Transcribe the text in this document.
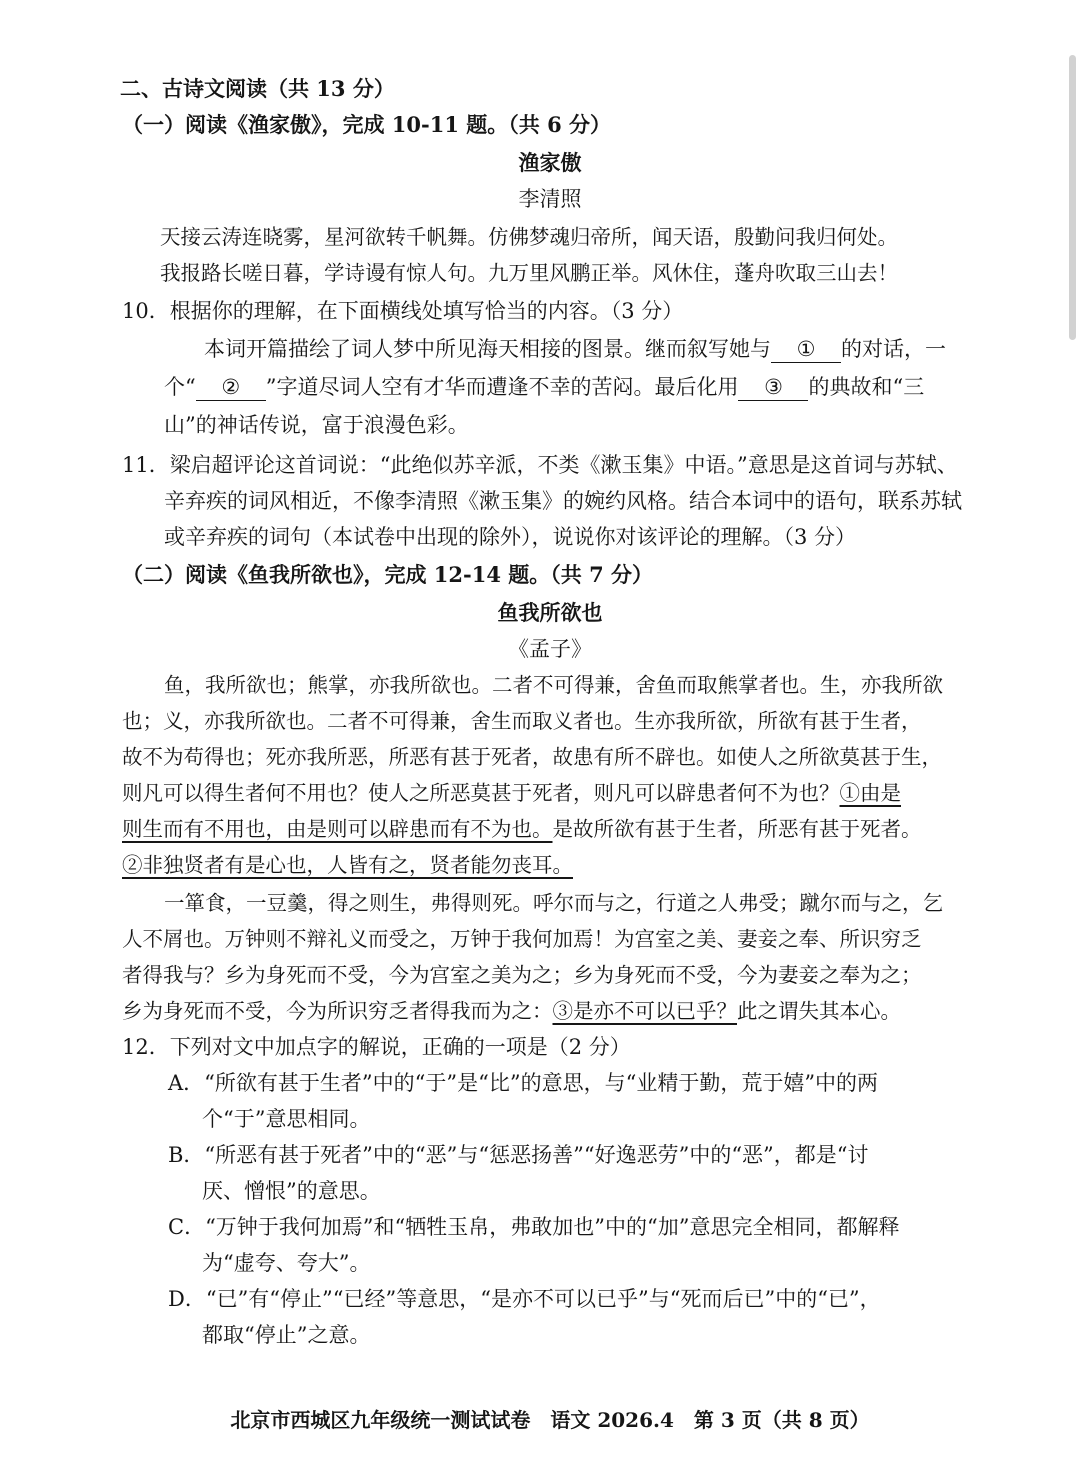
二、古诗文阅读（共 13 分）
（一）阅读《渔家傲》，完成 10-11 题。（共 6 分）
渔家傲
李清照
天接云涛连晓雾，星河欲转千帆舞。仿佛梦魂归帝所，闻天语，殷勤问我归何处。
我报路长嗟日暮，学诗谩有惊人句。九万里风鹏正举。风休住，蓬舟吹取三山去！
10．根据你的理解，在下面横线处填写恰当的内容。（3 分）
本词开篇描绘了词人梦中所见海天相接的图景。继而叙写她与 ① 的对话，一
个“ ② ”字道尽词人空有才华而遭逢不幸的苦闷。最后化用 ③ 的典故和“三
山”的神话传说，富于浪漫色彩。
11．梁启超评论这首词说：“此绝似苏辛派，不类《漱玉集》中语。”意思是这首词与苏轼、
辛弃疾的词风相近，不像李清照《漱玉集》的婉约风格。结合本词中的语句，联系苏轼
或辛弃疾的词句（本试卷中出现的除外），说说你对该评论的理解。（3 分）
（二）阅读《鱼我所欲也》，完成 12-14 题。（共 7 分）
鱼我所欲也
《孟子》
鱼，我所欲也；熊掌，亦我所欲也。二者不可得兼，舍鱼而取熊掌者也。生，亦我所欲
也；义，亦我所欲也。二者不可得兼，舍生而取义者也。生亦我所欲，所欲有甚于生者，
故不为苟得也；死亦我所恶，所恶有甚于死者，故患有所不辟也。如使人之所欲莫甚于生，
则凡可以得生者何不用也？使人之所恶莫甚于死者，则凡可以辟患者何不为也？①由是
则生而有不用也，由是则可以辟患而有不为也。是故所欲有甚于生者，所恶有甚于死者。
②非独贤者有是心也，人皆有之，贤者能勿丧耳。
一箪食，一豆羹，得之则生，弗得则死。呼尔而与之，行道之人弗受；蹴尔而与之，乞
人不屑也。万钟则不辩礼义而受之，万钟于我何加焉！为宫室之美、妻妾之奉、所识穷乏
者得我与？乡为身死而不受，今为宫室之美为之；乡为身死而不受，今为妻妾之奉为之；
乡为身死而不受，今为所识穷乏者得我而为之：③是亦不可以已乎？此之谓失其本心。
12．下列对文中加点字的解说，正确的一项是（2 分）
A．“所欲有甚于生者”中的“于”是“比”的意思，与“业精于勤，荒于嬉”中的两
个“于”意思相同。
B．“所恶有甚于死者”中的“恶”与“惩恶扬善”“好逸恶劳”中的“恶”，都是“讨
厌、憎恨”的意思。
C．“万钟于我何加焉”和“牺牲玉帛，弗敢加也”中的“加”意思完全相同，都解释
为“虚夸、夸大”。
D．“已”有“停止”“已经”等意思，“是亦不可以已乎”与“死而后已”中的“已”，
都取“停止”之意。
北京市西城区九年级统一测试试卷　语文 2026.4　第 3 页（共 8 页）
